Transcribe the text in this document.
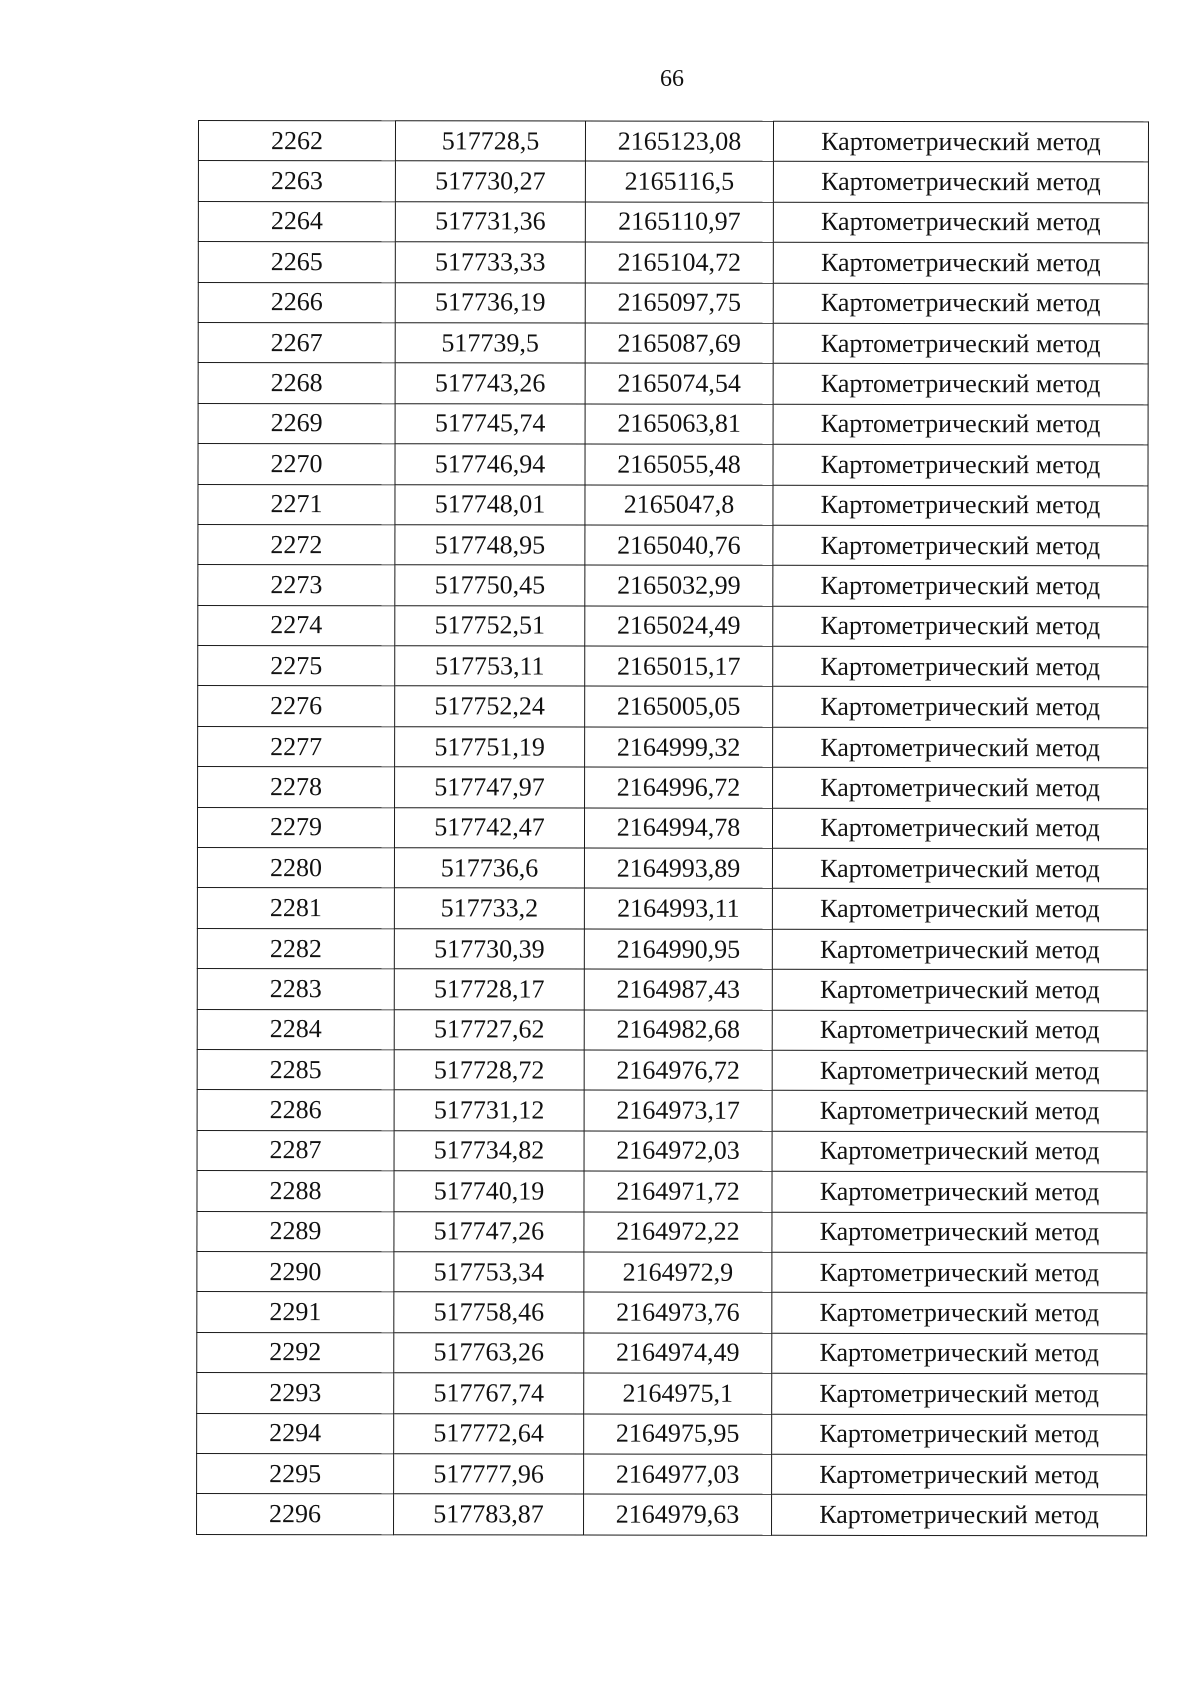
66
2262	517728,5	2165123,08	Картометрический метод
2263	517730,27	2165116,5	Картометрический метод
2264	517731,36	2165110,97	Картометрический метод
2265	517733,33	2165104,72	Картометрический метод
2266	517736,19	2165097,75	Картометрический метод
2267	517739,5	2165087,69	Картометрический метод
2268	517743,26	2165074,54	Картометрический метод
2269	517745,74	2165063,81	Картометрический метод
2270	517746,94	2165055,48	Картометрический метод
2271	517748,01	2165047,8	Картометрический метод
2272	517748,95	2165040,76	Картометрический метод
2273	517750,45	2165032,99	Картометрический метод
2274	517752,51	2165024,49	Картометрический метод
2275	517753,11	2165015,17	Картометрический метод
2276	517752,24	2165005,05	Картометрический метод
2277	517751,19	2164999,32	Картометрический метод
2278	517747,97	2164996,72	Картометрический метод
2279	517742,47	2164994,78	Картометрический метод
2280	517736,6	2164993,89	Картометрический метод
2281	517733,2	2164993,11	Картометрический метод
2282	517730,39	2164990,95	Картометрический метод
2283	517728,17	2164987,43	Картометрический метод
2284	517727,62	2164982,68	Картометрический метод
2285	517728,72	2164976,72	Картометрический метод
2286	517731,12	2164973,17	Картометрический метод
2287	517734,82	2164972,03	Картометрический метод
2288	517740,19	2164971,72	Картометрический метод
2289	517747,26	2164972,22	Картометрический метод
2290	517753,34	2164972,9	Картометрический метод
2291	517758,46	2164973,76	Картометрический метод
2292	517763,26	2164974,49	Картометрический метод
2293	517767,74	2164975,1	Картометрический метод
2294	517772,64	2164975,95	Картометрический метод
2295	517777,96	2164977,03	Картометрический метод
2296	517783,87	2164979,63	Картометрический метод
